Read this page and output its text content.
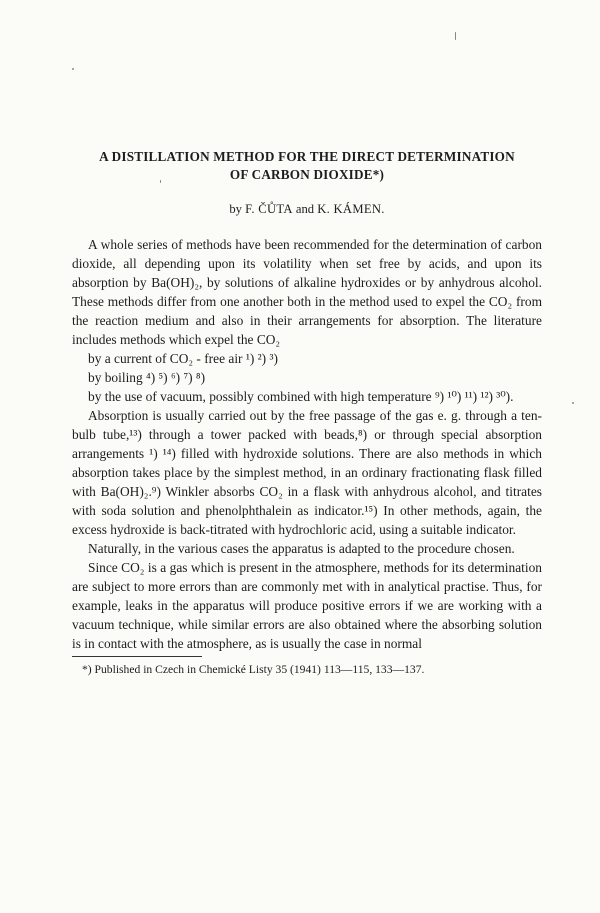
A DISTILLATION METHOD FOR THE DIRECT DETERMINATION
OF CARBON DIOXIDE*)
by F. ČŮTA and K. KÁMEN.

A whole series of methods have been recommended for the determination of carbon dioxide, all depending upon its volatility when set free by acids, and upon its absorption by Ba(OH)₂, by solutions of alkaline hydroxides or by anhydrous alcohol. These methods differ from one another both in the method used to expel the CO₂ from the reaction medium and also in their arrangements for absorption. The literature includes methods which expel the CO₂

by a current of CO₂ - free air ¹) ²) ³)

by boiling ⁴) ⁵) ⁶) ⁷) ⁸)

by the use of vacuum, possibly combined with high temperature ⁹) ¹⁰) ¹¹) ¹²) ³⁰).

Absorption is usually carried out by the free passage of the gas e. g. through a ten-bulb tube,¹³) through a tower packed with beads,⁸) or through special absorption arrangements ¹) ¹⁴) filled with hydroxide solutions. There are also methods in which absorption takes place by the simplest method, in an ordinary fractionating flask filled with Ba(OH)₂.⁹) Winkler absorbs CO₂ in a flask with anhydrous alcohol, and titrates with soda solution and phenolphthalein as indicator.¹⁵) In other methods, again, the excess hydroxide is back-titrated with hydrochloric acid, using a suitable indicator.

Naturally, in the various cases the apparatus is adapted to the procedure chosen.

Since CO₂ is a gas which is present in the atmosphere, methods for its determination are subject to more errors than are commonly met with in analytical practise. Thus, for example, leaks in the apparatus will produce positive errors if we are working with a vacuum technique, while similar errors are also obtained where the absorbing solution is in contact with the atmosphere, as is usually the case in normal

*) Published in Czech in Chemické Listy 35 (1941) 113—115, 133—137.
